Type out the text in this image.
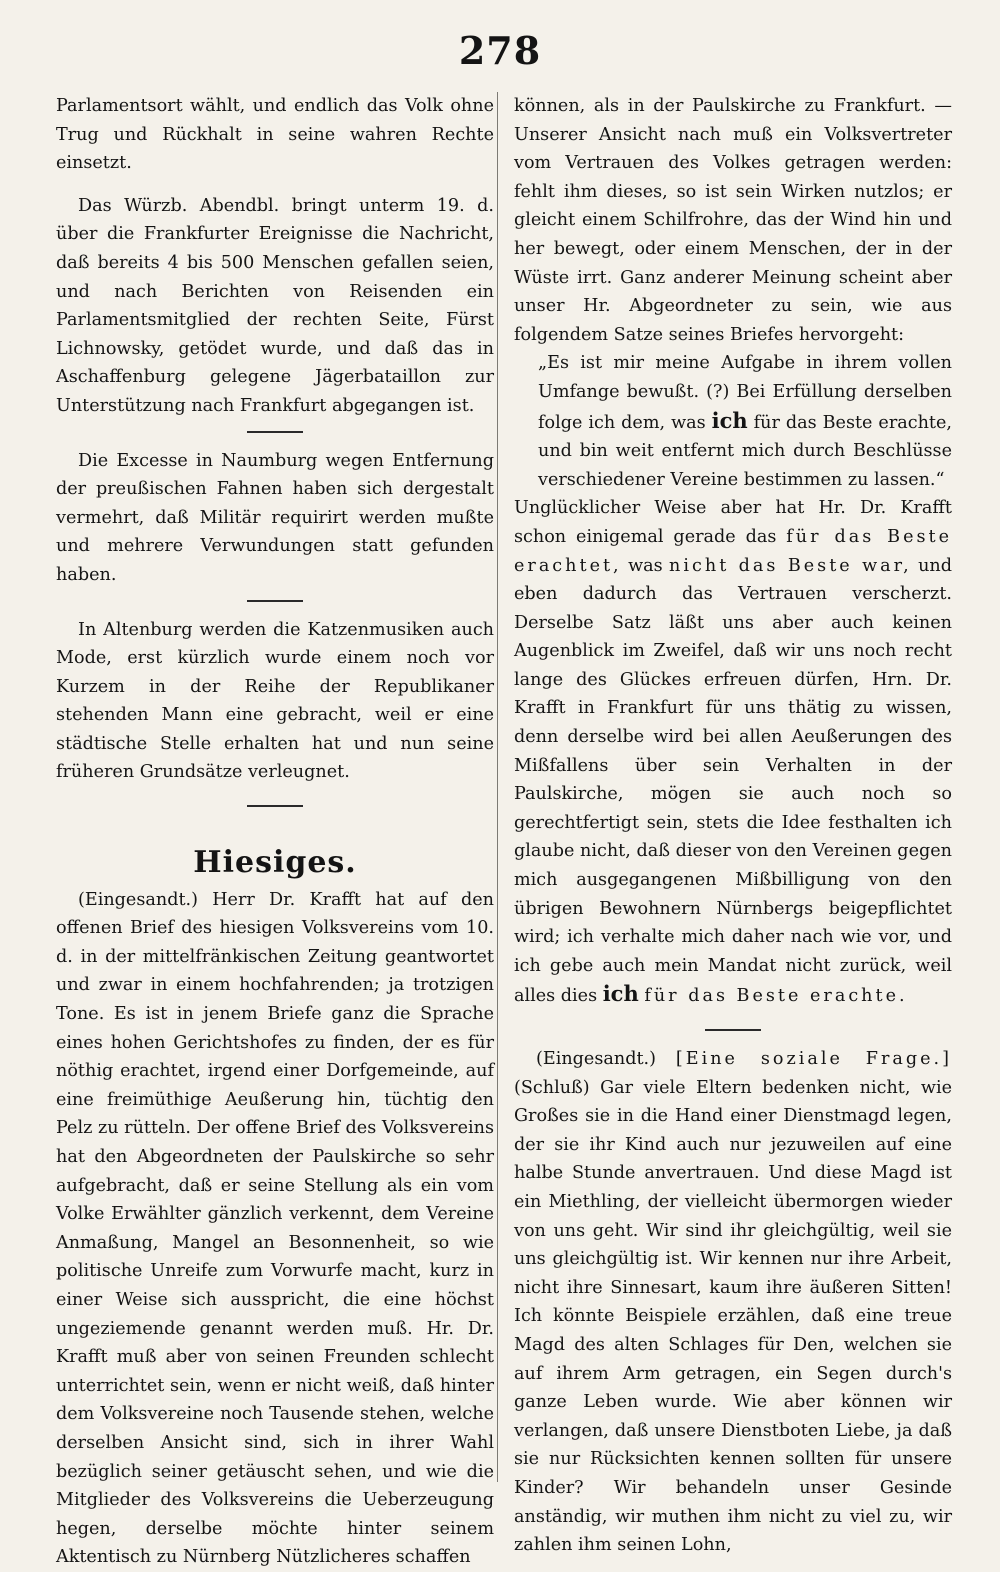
278

Parlamentsort wählt, und endlich das Volk ohne Trug und Rückhalt in seine wahren Rechte einsetzt.

Das Würzb. Abendbl. bringt unterm 19. d. über die Frankfurter Ereignisse die Nachricht, daß bereits 4 bis 500 Menschen gefallen seien, und nach Berichten von Reisenden ein Parlamentsmitglied der rechten Seite, Fürst Lichnowsky, getödet wurde, und daß das in Aschaffenburg gelegene Jägerbataillon zur Unterstützung nach Frankfurt abgegangen ist.

Die Excesse in Naumburg wegen Entfernung der preußischen Fahnen haben sich dergestalt vermehrt, daß Militär requirirt werden mußte und mehrere Verwundungen statt gefunden haben.

In Altenburg werden die Katzenmusiken auch Mode, erst kürzlich wurde einem noch vor Kurzem in der Reihe der Republikaner stehenden Mann eine gebracht, weil er eine städtische Stelle erhalten hat und nun seine früheren Grundsätze verleugnet.

Hiesiges.

(Eingesandt.) Herr Dr. Krafft hat auf den offenen Brief des hiesigen Volksvereins vom 10. d. in der mittelfränkischen Zeitung geantwortet und zwar in einem hochfahrenden; ja trotzigen Tone. Es ist in jenem Briefe ganz die Sprache eines hohen Gerichtshofes zu finden, der es für nöthig erachtet, irgend einer Dorfgemeinde, auf eine freimüthige Aeußerung hin, tüchtig den Pelz zu rütteln. Der offene Brief des Volksvereins hat den Abgeordneten der Paulskirche so sehr aufgebracht, daß er seine Stellung als ein vom Volke Erwählter gänzlich verkennt, dem Vereine Anmaßung, Mangel an Besonnenheit, so wie politische Unreife zum Vorwurfe macht, kurz in einer Weise sich ausspricht, die eine höchst ungeziemende genannt werden muß. Hr. Dr. Krafft muß aber von seinen Freunden schlecht unterrichtet sein, wenn er nicht weiß, daß hinter dem Volksvereine noch Tausende stehen, welche derselben Ansicht sind, sich in ihrer Wahl bezüglich seiner getäuscht sehen, und wie die Mitglieder des Volksvereins die Ueberzeugung hegen, derselbe möchte hinter seinem Aktentisch zu Nürnberg Nützlicheres schaffen

können, als in der Paulskirche zu Frankfurt. — Unserer Ansicht nach muß ein Volksvertreter vom Vertrauen des Volkes getragen werden: fehlt ihm dieses, so ist sein Wirken nutzlos; er gleicht einem Schilfrohre, das der Wind hin und her bewegt, oder einem Menschen, der in der Wüste irrt. Ganz anderer Meinung scheint aber unser Hr. Abgeordneter zu sein, wie aus folgendem Satze seines Briefes hervorgeht:

„Es ist mir meine Aufgabe in ihrem vollen Umfange bewußt. (?) Bei Erfüllung derselben folge ich dem, was ich für das Beste erachte, und bin weit entfernt mich durch Beschlüsse verschiedener Vereine bestimmen zu lassen.“

Unglücklicher Weise aber hat Hr. Dr. Krafft schon einigemal gerade das für das Beste erachtet, was nicht das Beste war, und eben dadurch das Vertrauen verscherzt. Derselbe Satz läßt uns aber auch keinen Augenblick im Zweifel, daß wir uns noch recht lange des Glückes erfreuen dürfen, Hrn. Dr. Krafft in Frankfurt für uns thätig zu wissen, denn derselbe wird bei allen Aeußerungen des Mißfallens über sein Verhalten in der Paulskirche, mögen sie auch noch so gerechtfertigt sein, stets die Idee festhalten ich glaube nicht, daß dieser von den Vereinen gegen mich ausgegangenen Mißbilligung von den übrigen Bewohnern Nürnbergs beigepflichtet wird; ich verhalte mich daher nach wie vor, und ich gebe auch mein Mandat nicht zurück, weil alles dies ich für das Beste erachte.

(Eingesandt.) [Eine soziale Frage.] (Schluß) Gar viele Eltern bedenken nicht, wie Großes sie in die Hand einer Dienstmagd legen, der sie ihr Kind auch nur jezuweilen auf eine halbe Stunde anvertrauen. Und diese Magd ist ein Miethling, der vielleicht übermorgen wieder von uns geht. Wir sind ihr gleichgültig, weil sie uns gleichgültig ist. Wir kennen nur ihre Arbeit, nicht ihre Sinnesart, kaum ihre äußeren Sitten! Ich könnte Beispiele erzählen, daß eine treue Magd des alten Schlages für Den, welchen sie auf ihrem Arm getragen, ein Segen durch's ganze Leben wurde. Wie aber können wir verlangen, daß unsere Dienstboten Liebe, ja daß sie nur Rücksichten kennen sollten für unsere Kinder? Wir behandeln unser Gesinde anständig, wir muthen ihm nicht zu viel zu, wir zahlen ihm seinen Lohn,
